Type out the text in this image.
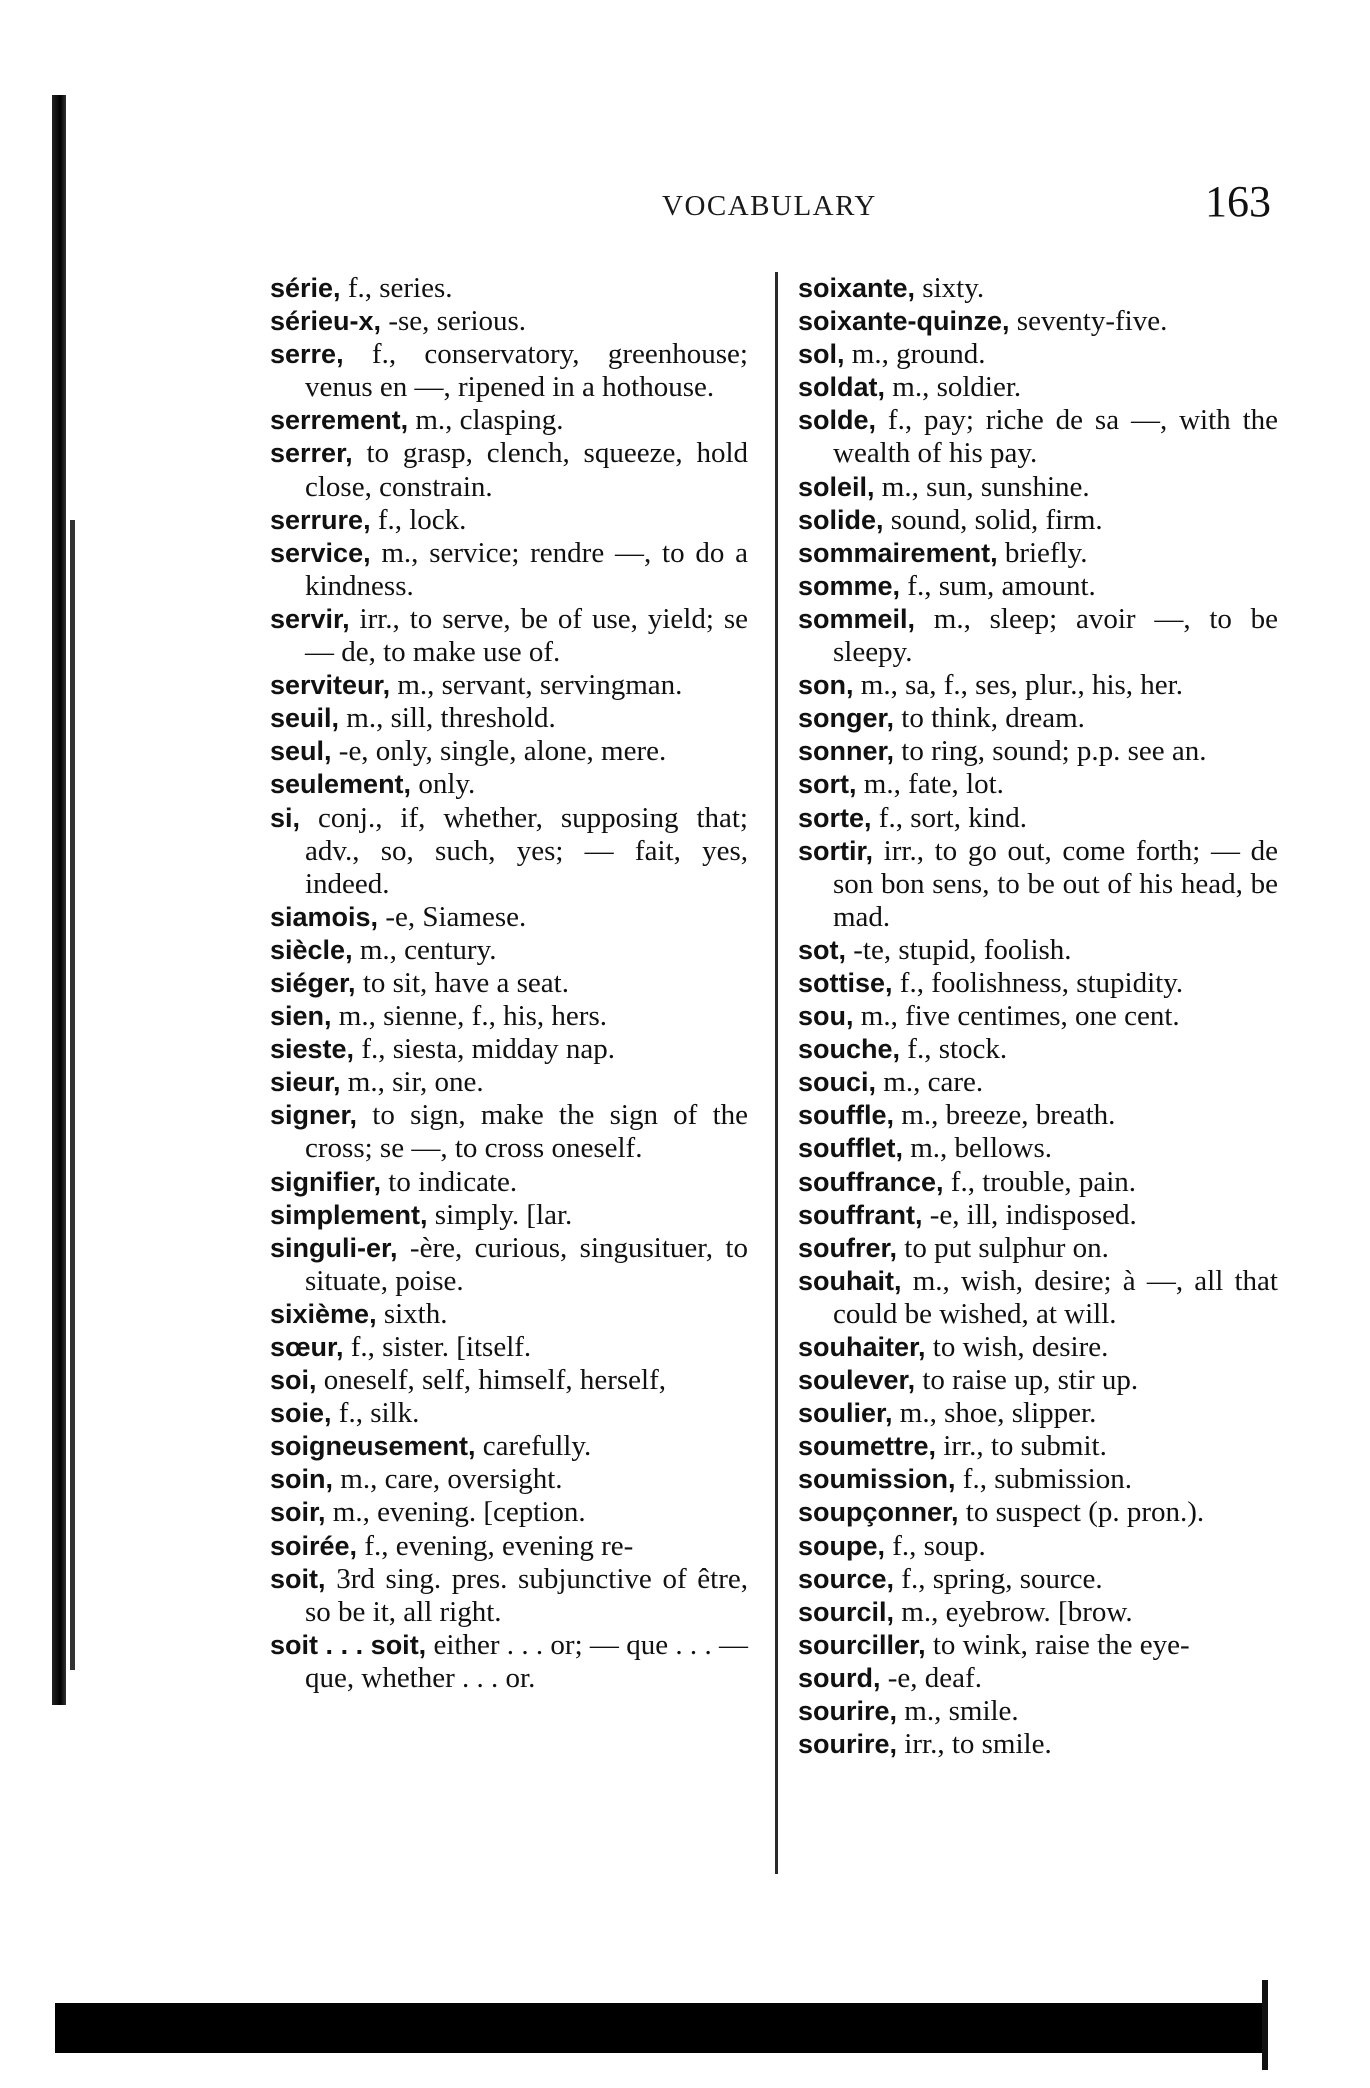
VOCABULARY	163
série, f., series.
sérieu-x, -se, serious.
serre, f., conservatory, greenhouse; venus en —, ripened in a hothouse.
serrement, m., clasping.
serrer, to grasp, clench, squeeze, hold close, constrain.
serrure, f., lock.
service, m., service; rendre —, to do a kindness.
servir, irr., to serve, be of use, yield; se — de, to make use of.
serviteur, m., servant, servingman.
seuil, m., sill, threshold.
seul, -e, only, single, alone, mere.
seulement, only.
si, conj., if, whether, supposing that; adv., so, such, yes; — fait, yes, indeed.
siamois, -e, Siamese.
siècle, m., century.
siéger, to sit, have a seat.
sien, m., sienne, f., his, hers.
sieste, f., siesta, midday nap.
sieur, m., sir, one.
signer, to sign, make the sign of the cross; se —, to cross oneself.
signifier, to indicate.
simplement, simply. [lar.
singuli-er, -ère, curious, singusituer, to situate, poise.
sixième, sixth.
sœur, f., sister. [itself.
soi, oneself, self, himself, herself,
soie, f., silk.
soigneusement, carefully.
soin, m., care, oversight.
soir, m., evening. [ception.
soirée, f., evening, evening re-
soit, 3rd sing. pres. subjunctive of être, so be it, all right.
soit . . . soit, either . . . or; — que . . . — que, whether . . . or.
soixante, sixty.
soixante-quinze, seventy-five.
sol, m., ground.
soldat, m., soldier.
solde, f., pay; riche de sa —, with the wealth of his pay.
soleil, m., sun, sunshine.
solide, sound, solid, firm.
sommairement, briefly.
somme, f., sum, amount.
sommeil, m., sleep; avoir —, to be sleepy.
son, m., sa, f., ses, plur., his, her.
songer, to think, dream.
sonner, to ring, sound; p.p. see an.
sort, m., fate, lot.
sorte, f., sort, kind.
sortir, irr., to go out, come forth; — de son bon sens, to be out of his head, be mad.
sot, -te, stupid, foolish.
sottise, f., foolishness, stupidity.
sou, m., five centimes, one cent.
souche, f., stock.
souci, m., care.
souffle, m., breeze, breath.
soufflet, m., bellows.
souffrance, f., trouble, pain.
souffrant, -e, ill, indisposed.
soufrer, to put sulphur on.
souhait, m., wish, desire; à —, all that could be wished, at will.
souhaiter, to wish, desire.
soulever, to raise up, stir up.
soulier, m., shoe, slipper.
soumettre, irr., to submit.
soumission, f., submission.
soupçonner, to suspect (p. pron.).
soupe, f., soup.
source, f., spring, source.
sourcil, m., eyebrow. [brow.
sourciller, to wink, raise the eye-
sourd, -e, deaf.
sourire, m., smile.
sourire, irr., to smile.
